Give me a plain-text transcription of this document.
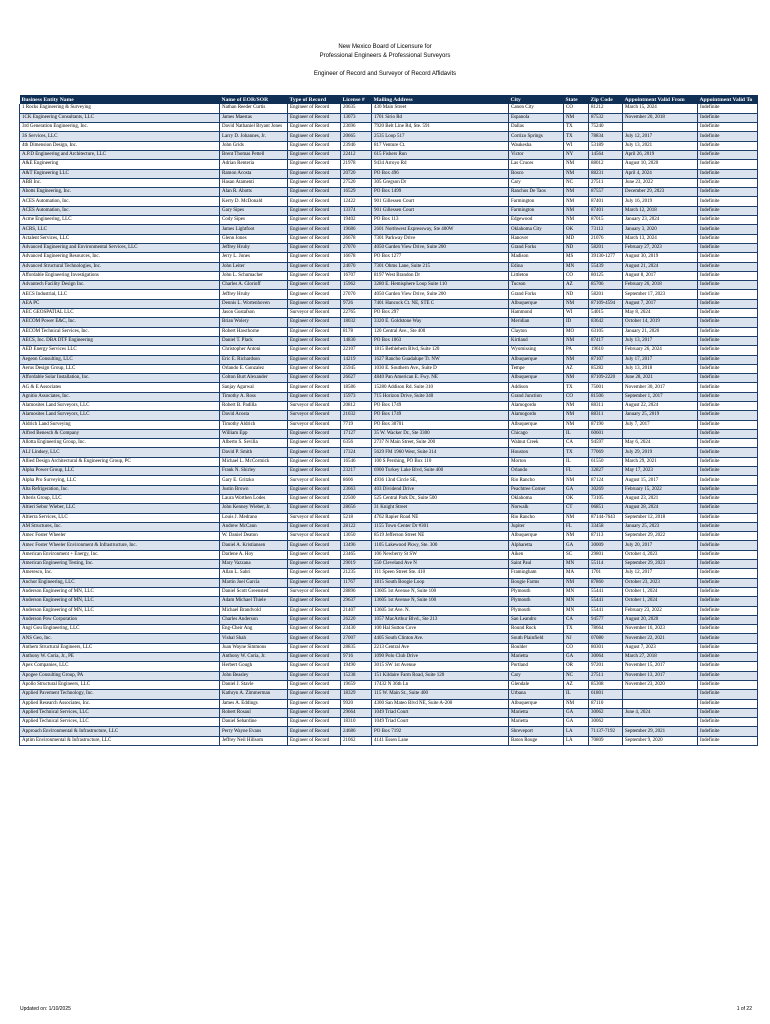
New Mexico Board of Licensure for
Professional Engineers & Professional Surveyors
Engineer of Record and Surveyor of Record Affidavits
Business Entity Name	Name of EOR/SOR	Type of Record	License #	Mailing Address	City	State	Zip Code	Appointment Valid From	Appointment Valid To
1 Rocks Engineering & Surveying	Nathan Reeder Curtis	Engineer of Record	20635	430 Main Street	Canon City	CO	81212	March 15, 2024	Indefinite
1CK Engineering Consultants, LLC	James Maestas	Engineer of Record	13073	1701 Sirio Rd	Espanola	NM	87532	November 20, 2018	Indefinite
3rd Generation Engineering, Inc.	David Nathaniel Bryant Jones	Engineer of Record	23696	7920 Belt Line Rd, Ste. 591	Dallas	TX	75240		Indefinite
3S Services, LLC	Larry D. Johannes, Jr.	Engineer of Record	20665	2535 Loop 517	Corrizo Springs	TX	78834	July 12, 2017	Indefinite
4th Dimension Design, Inc.	John Grids	Engineer of Record	23946	817 Venture Ct.	Waukesha	WI	53189	July 13, 2021	Indefinite
A.P.D Engineering and Architecture, LLC	Brent Thomas Pettell	Engineer of Record	22412	615 Fishers Run	Victor	NY	14564	April 26, 2019	Indefinite
A&E Engineering	Adrian Renteria	Engineer of Record	21978	9434 Arroyo Rd	Las Cruces	NM	88012	August 10, 2020	Indefinite
A&T Engineering LLC	Ramon Acosta	Engineer of Record	20720	PO Box 496	Bosco	NM	88231	April 4, 2024	Indefinite
ABB Inc.	Hasan Atamenti	Engineer of Record	27520	305 Gregson Dr	Cary	NC	27511	June 23, 2022	Indefinite
Abotts Engineering, Inc.	Alan R. Abotts	Engineer of Record	16529	PO Box 1499	Ranchos De Taos	NM	87557	December 29, 2023	Indefinite
ACES Automation, Inc.	Kerry D. McDonald	Engineer of Record	12422	901 Gillessen Court	Farmington	NM	87401	July 16, 2019	Indefinite
ACES Automation, Inc.	Gary Sipes	Engineer of Record	13374	901 Gillessen Court	Farmington	NM	87401	March 12, 2018	Indefinite
Acme Engineering, LLC	Cody Sipes	Engineer of Record	19402	PO Box 113	Edgewood	NM	87015	January 23, 2024	Indefinite
ACRS, LLC	James Lightfoot	Engineer of Record	19686	2601 Northwest Expressway, Ste 400W	Oklahoma City	OK	73112	January 3, 2020	Indefinite
Actalent Services, LLC	Glenn Jones	Engineer of Record	26678	7301 Parkway Drive	Hanover	MD	21076	March 13, 2024	Indefinite
Advanced Engineering and Environmental Services, LLC	Jeffrey Hruby	Engineer of Record	27070	4050 Garden View Drive, Suite 200	Grand Forks	ND	58201	February 27, 2023	Indefinite
Advanced Engineering Resources, Inc.	Jerry L. Jones	Engineer of Record	16678	PO Box 1277	Madison	MS	39130-1277	August 30, 2019	Indefinite
Advanced Structural Technologies, Inc.	John Leiter	Engineer of Record	24070	7301 Ohms Lane, Suite 215	Edina	MN	55439	August 21, 2024	Indefinite
Affordable Engineering Investigations	John L. Schumacher	Engineer of Record	16707	8197 West Brandon Dr	Littleton	CO	80125	August 8, 2017	Indefinite
Advantech Facility Design Inc.	Charles A. Glorioff	Engineer of Record	15962	3280 E. Hemisphere Loop Suite 110	Tucson	AZ	85706	February 26, 2018	Indefinite
AECS Industrial, LLC	Jeffrey Hruby	Engineer of Record	27070	4050 Garden View Drive, Suite 200	Grand Forks	ND	58201	September 17, 2023	Indefinite
AEA PC	Dennis L. Wortenhoven	Engineer of Record	9726	7401 Hancock Ct. NE, STE C	Albuquerque	NM	87109-4594	August 7, 2017	Indefinite
AEC GEOSPATIAL LLC	Jason Gustafson	Surveyor of Record	22765	PO Box 297	Hammond	WI	54015	May 8, 2024	Indefinite
AECOM Power E&C, Inc.	Brian Wolery	Engineer of Record	18032	3320 E. Goldstone Way	Meridian	ID	83642	October 14, 2019	Indefinite
AECOM Technical Services, Inc.	Robert Hawthorne	Engineer of Record	8178	120 Central Ave., Ste 400	Clayton	MO	63105	January 21, 2020	Indefinite
AECS, Inc. DBA DTF Engineering	Daniel T. Plack	Engineer of Record	14830	PO Box 1063	Kirtland	NM	87417	July 13, 2017	Indefinite
AED Energy Services LLC	Christopher Antoni	Engineer of Record	22107	1815 Bethlehem Blvd, Suite 120	Wyomissing	PA	19610	February 26, 2024	Indefinite
Aegeon Consulting, LLC	Eric E. Richardson	Engineer of Record	14219	1627 Rancho Guadalupe Tr. NW	Albuquerque	NM	87107	July 17, 2017	Indefinite
Aerus Design Group, LLC	Orlando E. Gonzalez	Engineer of Record	25945	1030 E. Southern Ave., Suite D	Tempe	AZ	85282	July 13, 2018	Indefinite
Affordable Solar Installation, Inc.	Colton Burt Alexander	Engineer of Record	26627	4840 Pan American E. Fwy. NE	Albuquerque	NM	87109-2220	June 28, 2021	Indefinite
AG & E Associates	Sanjay Agarwal	Engineer of Record	18586	15280 Addison Rd. Suite 310	Addison	TX	75001	November 30, 2017	Indefinite
Agnitio Associates, Inc.	Timothy A. Ross	Engineer of Record	15973	715 Horizon Drive, Suite 340	Grand Junction	CO	81506	September 1, 2017	Indefinite
Alamosites Land Surveyors, LLC	Robert B. Padilla	Surveyor of Record	20812	PO Box 1749	Alamogordo	NM	88311	August 22, 2024	Indefinite
Alamosites Land Surveyors, LLC	David Acosta	Surveyor of Record	21032	PO Box 1749	Alamogordo	NM	88311	January 25, 2019	Indefinite
Aldrich Land Surveying	Timothy Aldrich	Surveyor of Record	7719	PO Box 30701	Albuquerque	NM	87190	July 7, 2017	Indefinite
Alfred Benesch & Company	William Epp	Engineer of Record	17127	35 W. Wacker Dr., Ste 3300	Chicago	IL	60601		Indefinite
Allotta Engineering Group, Inc.	Alberto S. Sevilla	Engineer of Record	6356	2737 N Main Street, Suite 200	Walnut Creek	CA	94597	May 6, 2024	Indefinite
ALJ Lindsey, LLC	David P. Smith	Engineer of Record	17324	5629 FM 1960 West, Suite 314	Houston	TX	77069	July 29, 2019	Indefinite
Allied Design Architectural & Engineering Group, PC	Michael L. McCormick	Engineer of Record	16546	100 S Pershing, PO Box 110	Morton	IL	61550	March 29, 2021	Indefinite
Alpha Power Group, LLC	Frank N. Shirley	Engineer of Record	23217	6900 Turkey Lake Blvd, Suite 400	Orlando	FL	32827	May 17, 2023	Indefinite
Alpha Pro Surveying, LLC	Gary E. Gritzko	Surveyor of Record	8606	4936 13nd Circle SE,	Rio Rancho	NM	87124	August 15, 2017	Indefinite
Alta Refrigeration, Inc.	Justin Brown	Engineer of Record	23663	403 Dividend Drive	Peachtree Corner	GA	30269	February 15, 2022	Indefinite
Alteris Group, LLC	Laura Worthen Lodes	Engineer of Record	22500	525 Central Park Dr., Suite 500	Oklahoma	OK	73105	August 23, 2021	Indefinite
Altieri Sebor Wieber, LLC	John Kenney Wieber, Jr.	Engineer of Record	28656	31 Knight Street	Norwalk	CT	06851	August 28, 2024	Indefinite
Altierra Services, LLC	Louis J. Medrano	Surveyor of Record	5218	4762 Rapier Road NE	Rio Rancho	NM	87144-7643	September 12, 2018	Indefinite
AM Structures, Inc.	Andrew McCann	Engineer of Record	28122	1155 Town Center Dr #301	Jupiter	FL	33458	January 25, 2023	Indefinite
Amec Foster Wheeler	W. Daniel Deaton	Surveyor of Record	13050	8519 Jefferson Street NE	Albuquerque	NM	87113	September 29, 2022	Indefinite
Amec Foster Wheeler Environment & Infrastructure, Inc.	Daniel A. Kristiansen	Engineer of Record	13496	1105 Lakewood Pkwy, Ste. 300	Alpharetta	GA	30009	July 20, 2017	Indefinite
American Environment + Energy, Inc.	Darlene A. Hoy	Engineer of Record	23465	106 Newberry St SW	Aiken	SC	29801	October 4, 2023	Indefinite
American Engineering Testing, Inc.	Mary Vazzana	Engineer of Record	29019	550 Cleveland Ave N	Saint Paul	MN	55114	September 29, 2023	Indefinite
Ameresco, Inc.	Allan L. Sabri	Engineer of Record	21235	111 Speen Street Ste. 410	Framingham	MA	1701	July 12, 2017	Indefinite
Anchor Engineering, LLC	Martin Joel Garcia	Engineer of Record	11767	1815 South Boogie Loop	Boogie Farms	NM	87860	October 23, 2023	Indefinite
Anderson Engineering of MN, LLC	Daniel Scott Greensted	Surveyor of Record	28896	13605 1st Avenue N, Suite 100	Plymouth	MN	55441	October 1, 2024	Indefinite
Anderson Engineering of MN, LLC	Adam Michael Thiele	Engineer of Record	29637	13605 1st Avenue N, Suite 100	Plymouth	MN	55441	October 1, 2024	Indefinite
Anderson Engineering of MN, LLC	Michael Brandvold	Engineer of Record	21407	13605 1st Ave. N.	Plymouth	MN	55441	February 23, 2022	Indefinite
Anderson Pow Corporation	Charles Anderson	Engineer of Record	26220	1057 MacArthur Blvd., Ste 213	San Leandro	CA	94577	August 20, 2020	Indefinite
Angi Gou Engineering, LLC	Eng-Cheir Ang	Engineer of Record	23430	100 Hal Sutton Cove	Round Rock	TX	78664	November 16, 2023	Indefinite
ANS Geo, Inc.	Vishal Shah	Engineer of Record	27007	4405 South Clinton Ave.	South Plainfield	NJ	07080	November 22, 2021	Indefinite
Anthem Structural Engineers, LLC	Juan Wayne Simmons	Engineer of Record	28835	2213 Central Ave	Boulder	CO	80301	August 7, 2023	Indefinite
Anthony W. Coria, Jr., PE	Anthony W. Coria, Jr.	Engineer of Record	9716	1090 Polo Club Drive	Marietta	GA	30064	March 27, 2018	Indefinite
Apex Companies, LLC	Herbert Gough	Engineer of Record	19490	3015 SW 1st Avenue	Portland	OR	97201	November 15, 2017	Indefinite
Apogee Consulting Group, PA	John Beasley	Engineer of Record	15238	151 Kildaire Farm Road, Suite 120	Cary	NC	27511	November 13, 2017	Indefinite
Apollo Structural Engineers, LLC	Daniel J. Stavle	Engineer of Record	19659	17432 N 36th Ln	Glendale	AZ	85308	November 23, 2020	Indefinite
Applied Pavement Technology, Inc.	Kathryn A. Zimmerman	Engineer of Record	18329	115 W. Main St., Suite 400	Urbana	IL	61801		Indefinite
Applied Research Associates, Inc.	James A. Eddings	Engineer of Record	9920	4300 San Mateo Blvd NE, Suite A-200	Albuquerque	NM	87110		Indefinite
Applied Technical Services, LLC	Robert Rosaul	Engineer of Record	29664	1049 Triad Court	Marietta	GA	30062	June 4, 2024	Indefinite
Applied Technical Services, LLC	Daniel Sebardine	Engineer of Record	18310	1049 Triad Court	Marietta	GA	30062		Indefinite
Approach Environmental & Infrastructure, LLC	Perry Wayne Evans	Engineer of Record	24686	PO Box 7192	Shreveport	LA	71137-7192	September 29, 2021	Indefinite
Aptim Environmental & Infrastructure, LLC	Jeffrey Neil Hillsom	Engineer of Record	21062	4141 Essen Lane	Baton Rouge	LA	70809	September 9, 2020	Indefinite
Updated on: 1/10/2025	1 of 22
